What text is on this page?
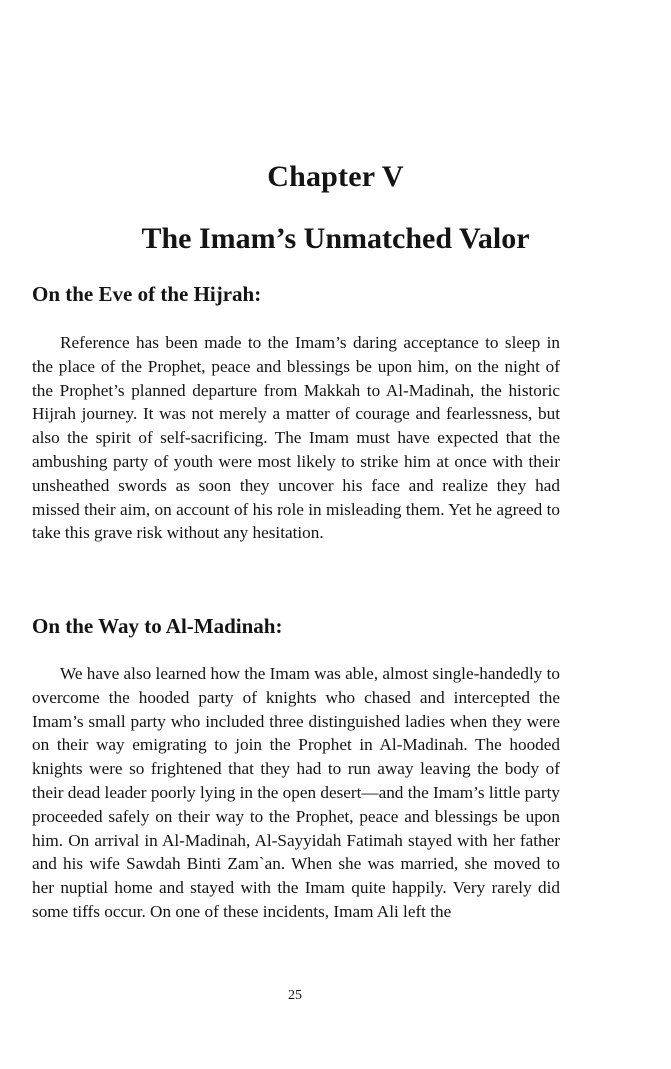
Chapter V
The Imam’s Unmatched Valor
On the Eve of the Hijrah:

Reference has been made to the Imam’s daring acceptance to sleep in the place of the Prophet, peace and blessings be upon him, on the night of the Prophet’s planned departure from Makkah to Al-Madinah, the historic Hijrah journey. It was not merely a matter of courage and fearlessness, but also the spirit of self-sacrificing. The Imam must have expected that the ambushing party of youth were most likely to strike him at once with their unsheathed swords as soon they uncover his face and realize they had missed their aim, on account of his role in misleading them. Yet he agreed to take this grave risk without any hesitation.

On the Way to Al-Madinah:

We have also learned how the Imam was able, almost single-handedly to overcome the hooded party of knights who chased and intercepted the Imam’s small party who included three distinguished ladies when they were on their way emigrating to join the Prophet in Al-Madinah. The hooded knights were so frightened that they had to run away leaving the body of their dead leader poorly lying in the open desert—and the Imam’s little party proceeded safely on their way to the Prophet, peace and blessings be upon him. On arrival in Al-Madinah, Al-Sayyidah Fatimah stayed with her father and his wife Sawdah Binti Zam`an. When she was married, she moved to her nuptial home and stayed with the Imam quite happily. Very rarely did some tiffs occur. On one of these incidents, Imam Ali left the

25
